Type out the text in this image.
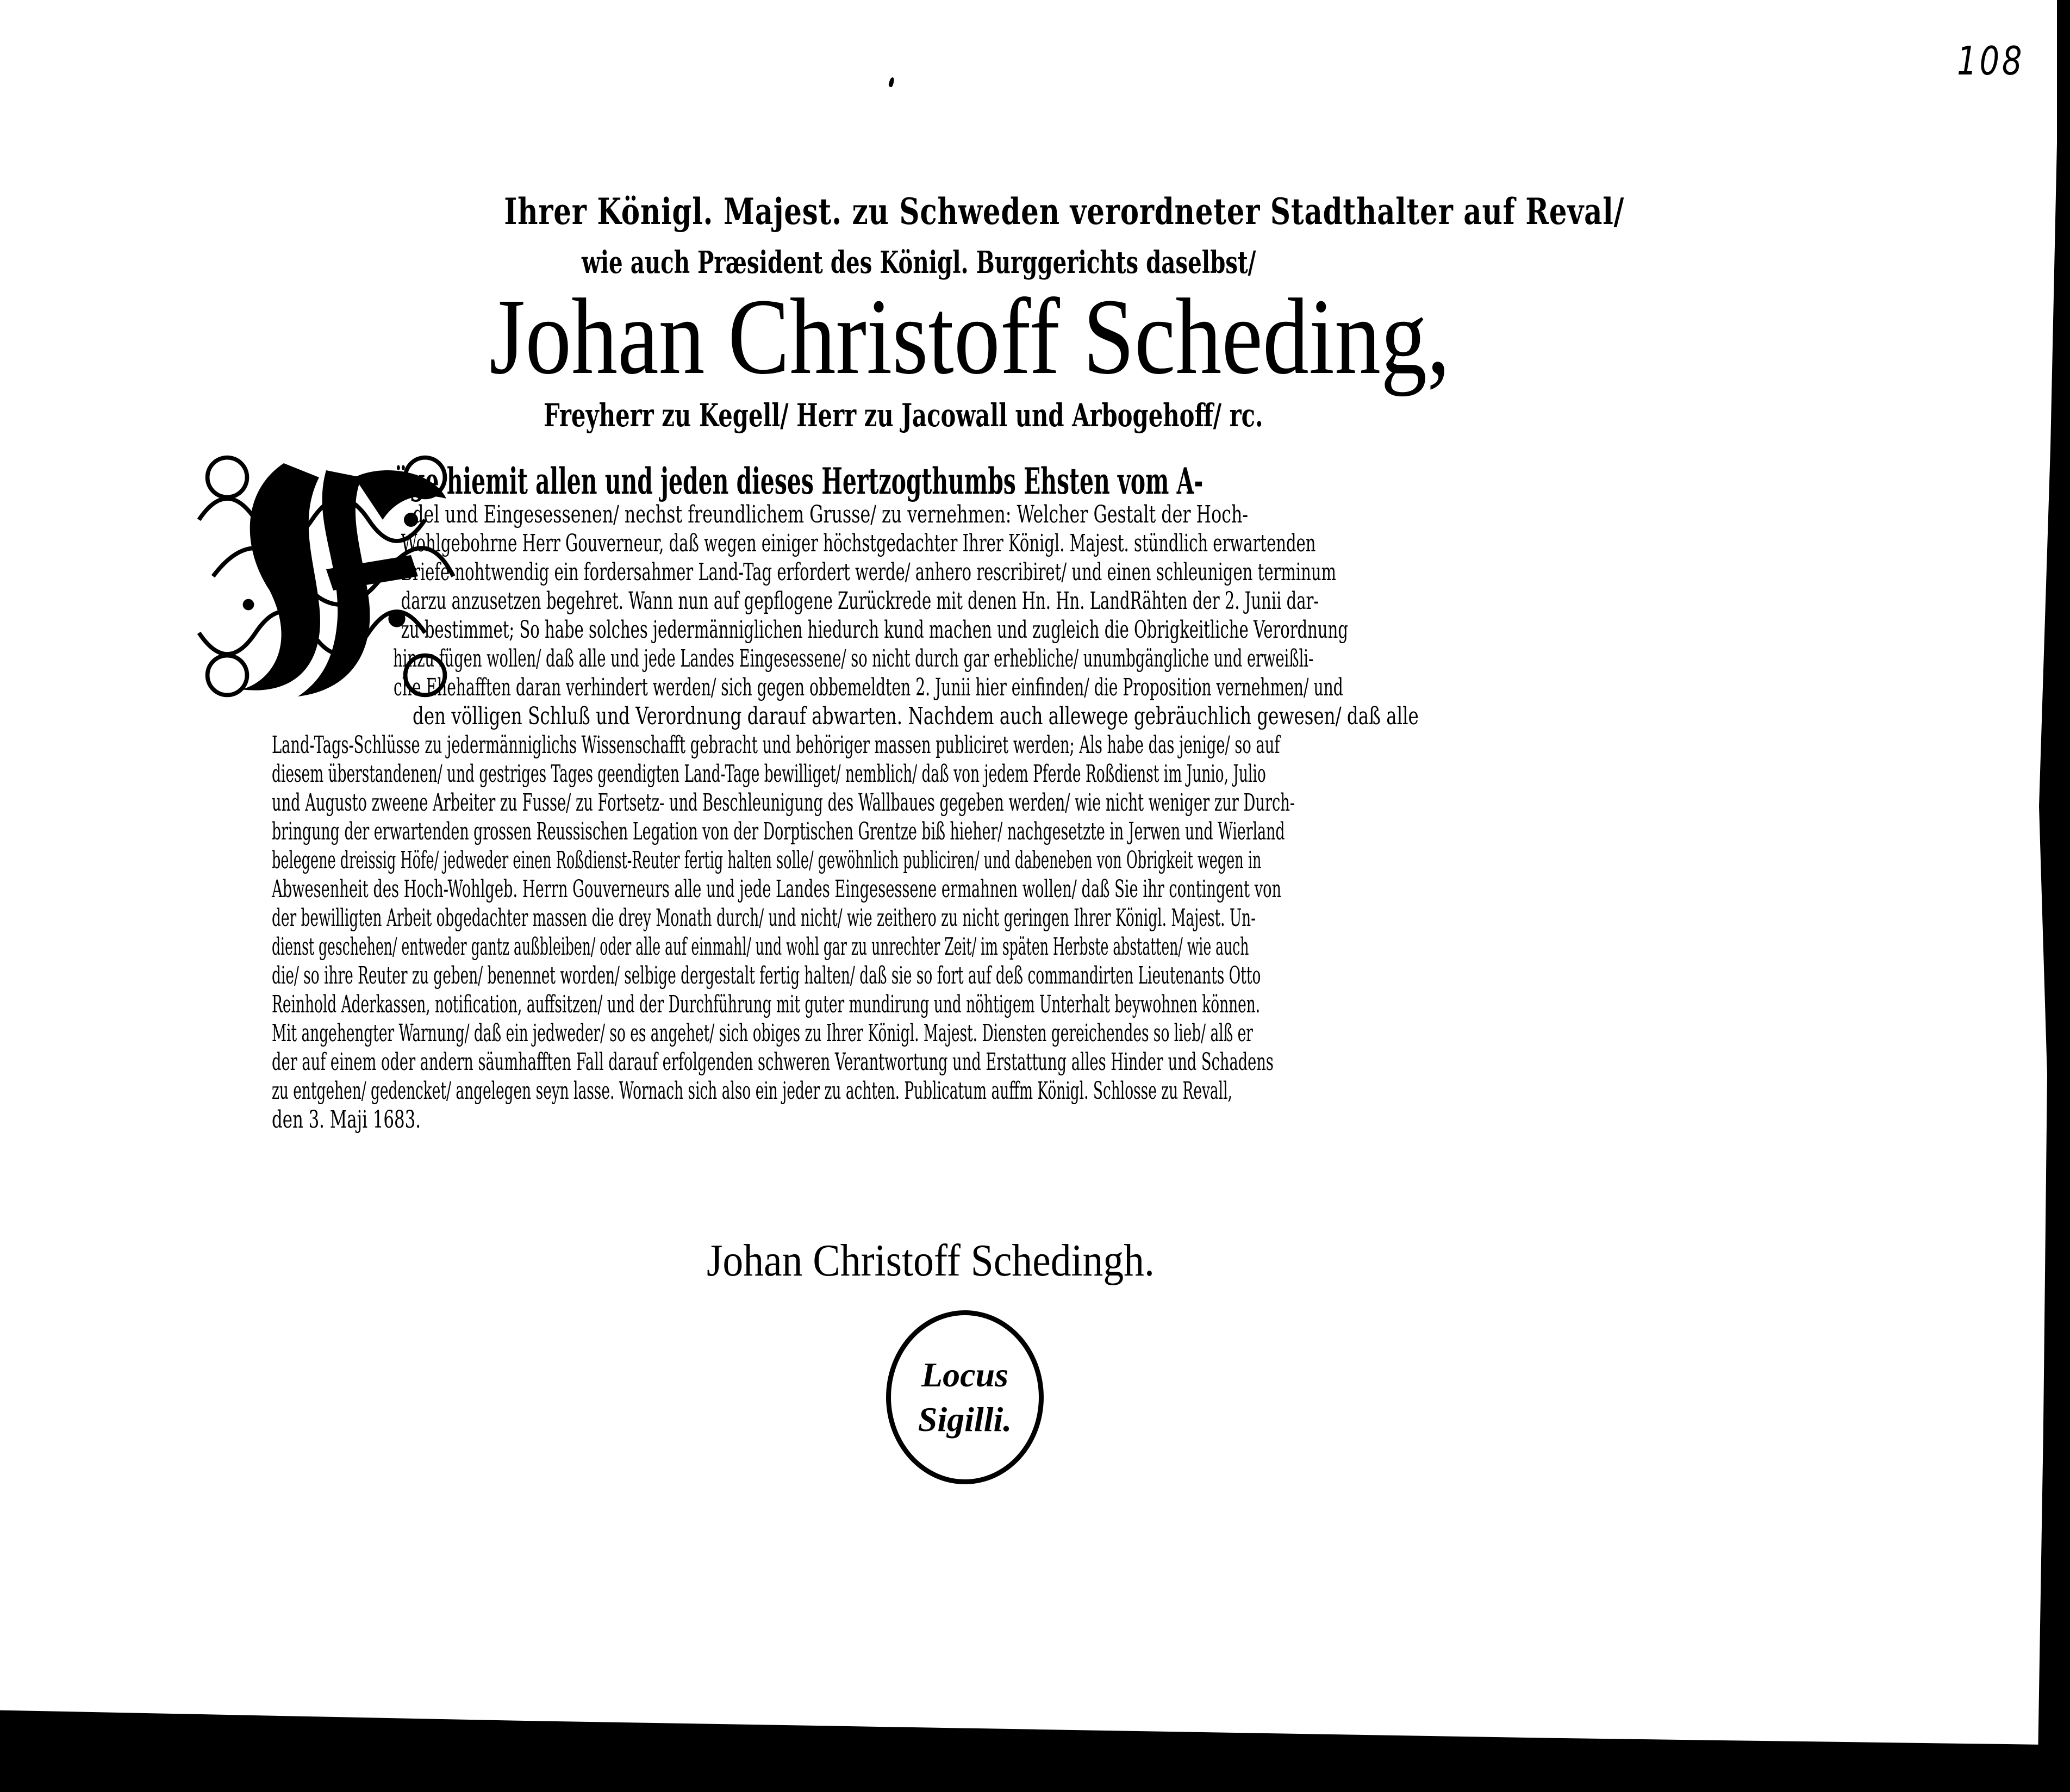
108
Ihrer Königl. Majest. zu Schweden verordneter Stadthalter auf Reval/
wie auch Præsident des Königl. Burggerichts daselbst/
Johan Christoff Scheding,
Freyherr zu Kegell/ Herr zu Jacowall und Arbogehoff/ rc.
üge hiemit allen und jeden dieses Hertzogthumbs Ehsten vom A-
del und Eingesessenen/ nechst freundlichem Grusse/ zu vernehmen: Welcher Gestalt der Hoch-
Wohlgebohrne Herr Gouverneur, daß wegen einiger höchstgedachter Ihrer Königl. Majest. stündlich erwartenden
Briefe nohtwendig ein fordersahmer Land-Tag erfordert werde/ anhero rescribiret/ und einen schleunigen terminum
darzu anzusetzen begehret. Wann nun auf gepflogene Zurückrede mit denen Hn. Hn. LandRähten der 2. Junii dar-
zu bestimmet; So habe solches jedermänniglichen hiedurch kund machen und zugleich die Obrigkeitliche Verordnung
hinzu fügen wollen/ daß alle und jede Landes Eingesessene/ so nicht durch gar erhebliche/ unumbgängliche und erweißli-
che Ehehafften daran verhindert werden/ sich gegen obbemeldten 2. Junii hier einfinden/ die Proposition vernehmen/ und
den völligen Schluß und Verordnung darauf abwarten. Nachdem auch allewege gebräuchlich gewesen/ daß alle
Land-Tags-Schlüsse zu jedermänniglichs Wissenschafft gebracht und behöriger massen publiciret werden; Als habe das jenige/ so auf
diesem überstandenen/ und gestriges Tages geendigten Land-Tage bewilliget/ nemblich/ daß von jedem Pferde Roßdienst im Junio, Julio
und Augusto zweene Arbeiter zu Fusse/ zu Fortsetz- und Beschleunigung des Wallbaues gegeben werden/ wie nicht weniger zur Durch-
bringung der erwartenden grossen Reussischen Legation von der Dorptischen Grentze biß hieher/ nachgesetzte in Jerwen und Wierland
belegene dreissig Höfe/ jedweder einen Roßdienst-Reuter fertig halten solle/ gewöhnlich publiciren/ und dabeneben von Obrigkeit wegen in
Abwesenheit des Hoch-Wohlgeb. Herrn Gouverneurs alle und jede Landes Eingesessene ermahnen wollen/ daß Sie ihr contingent von
der bewilligten Arbeit obgedachter massen die drey Monath durch/ und nicht/ wie zeithero zu nicht geringen Ihrer Königl. Majest. Un-
dienst geschehen/ entweder gantz außbleiben/ oder alle auf einmahl/ und wohl gar zu unrechter Zeit/ im späten Herbste abstatten/ wie auch
die/ so ihre Reuter zu geben/ benennet worden/ selbige dergestalt fertig halten/ daß sie so fort auf deß commandirten Lieutenants Otto
Reinhold Aderkassen, notification, auffsitzen/ und der Durchführung mit guter mundirung und nöhtigem Unterhalt beywohnen können.
Mit angehengter Warnung/ daß ein jedweder/ so es angehet/ sich obiges zu Ihrer Königl. Majest. Diensten gereichendes so lieb/ alß er
der auf einem oder andern säumhafften Fall darauf erfolgenden schweren Verantwortung und Erstattung alles Hinder und Schadens
zu entgehen/ gedencket/ angelegen seyn lasse. Wornach sich also ein jeder zu achten. Publicatum auffm Königl. Schlosse zu Revall,
den 3. Maji 1683.
Johan Christoff Schedingh.
Locus
Sigilli.
